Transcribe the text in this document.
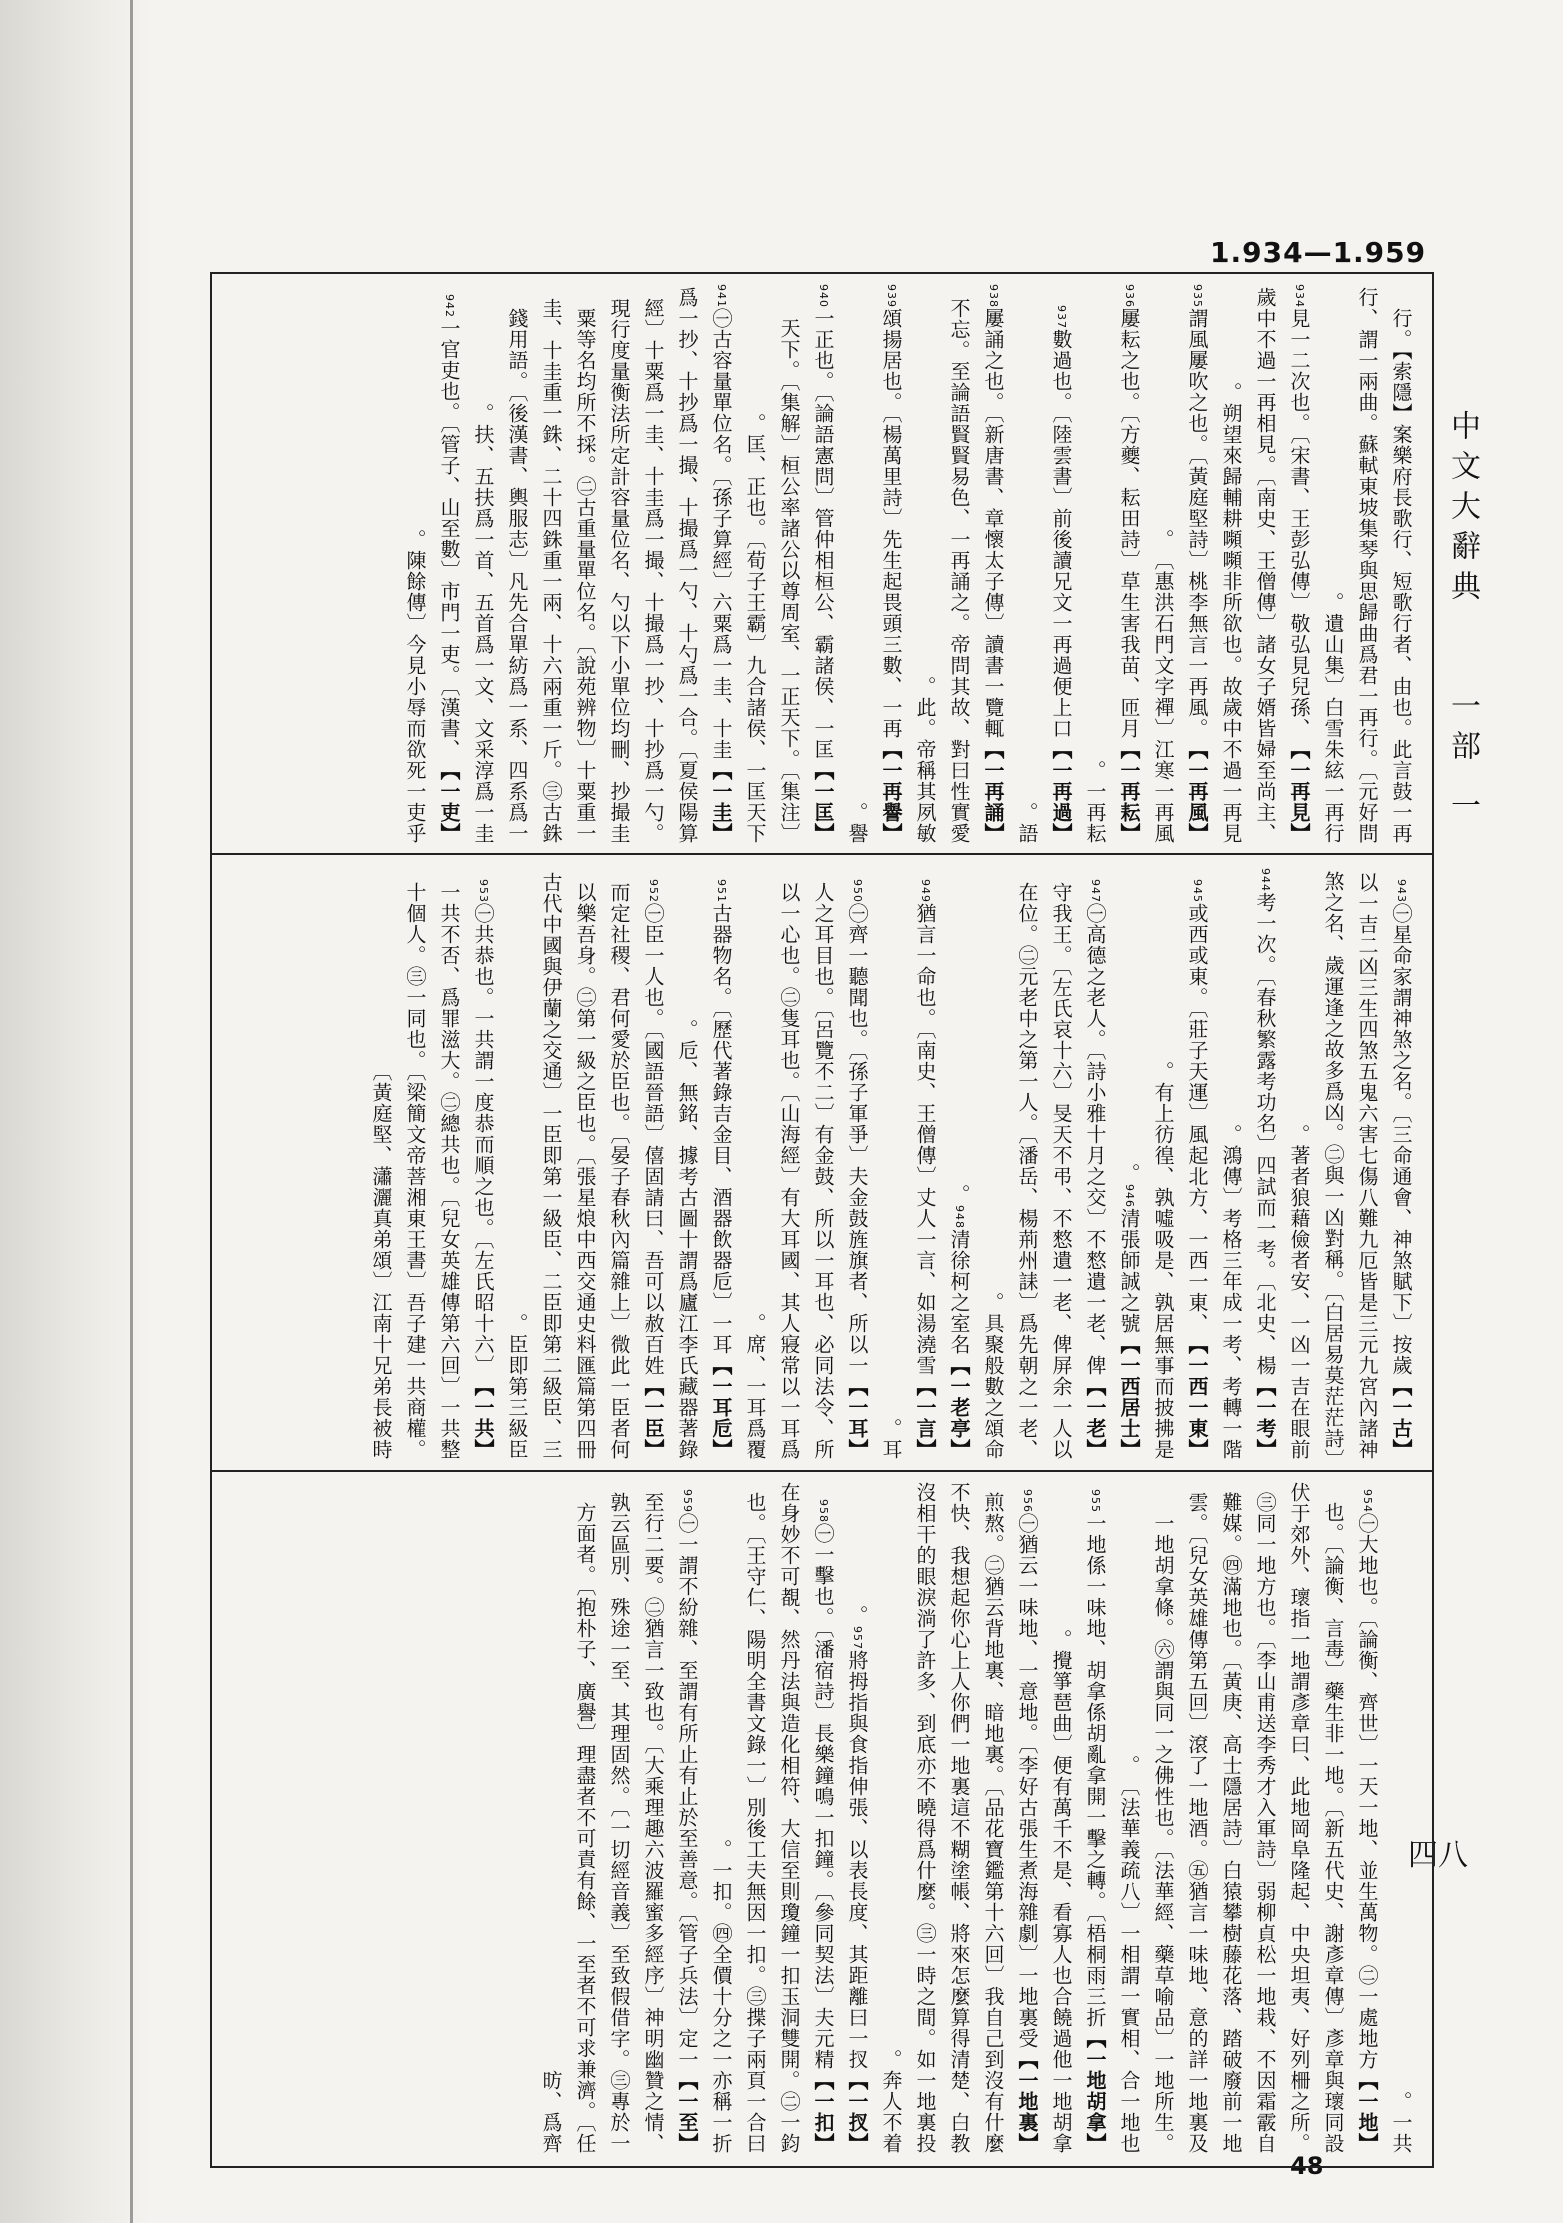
1.934—1.959
中文大辭典
一部 一
四八
48
行。【索隱】案樂府長歌行、短歌行者、由也。此言鼓一再行、謂一兩曲。蘇軾東坡集琴與思歸曲爲君一再行。〔元好問遺山集〕白雪朱絃一再行。
【一再見】934見一二次也。〔宋書、王彭弘傳〕敬弘見兒孫、歲中不過一再相見。〔南史、王僧傳〕諸女子婿皆婦至尚主、朔望來歸輔耕嚬嚬非所欲也。故歲中不過一再見。
【一再風】935謂風屢吹之也。〔黃庭堅詩〕桃李無言一再風。〔惠洪石門文字禪〕江寒一再風。
【一再耘】936屢耘之也。〔方夔、耘田詩〕草生害我苗、匝月一再耘。
【一再過】937數過也。〔陸雲書〕前後讀兄文一再過便上口語。
【一再誦】938屢誦之也。〔新唐書、章懷太子傳〕讀書一覽輒不忘。至論語賢賢易色、一再誦之。帝問其故、對曰性實愛此。帝稱其夙敏。
【一再譽】939頌揚居也。〔楊萬里詩〕先生起畏頭三數、一再譽。
【一匡】940一正也。〔論語憲問〕管仲相桓公、霸諸侯、一匡天下。〔集解〕桓公率諸公以尊周室、一正天下。〔集注〕匡、正也。〔荀子王霸〕九合諸侯、一匡天下。
【一圭】941㊀古容量單位名。〔孫子算經〕六粟爲一圭、十圭爲一抄、十抄爲一撮、十撮爲一勺、十勺爲一合。〔夏侯陽算經〕十粟爲一圭、十圭爲一撮、十撮爲一抄、十抄爲一勺。現行度量衡法所定計容量位名、勺以下小單位均刪、抄撮圭粟等名均所不採。㊁古重量單位名。〔說苑辨物〕十粟重一圭、十圭重一銖、二十四銖重一兩、十六兩重一斤。㊂古銖錢用語。〔後漢書、輿服志〕凡先合單紡爲一系、四系爲一扶、五扶爲一首、五首爲一文、文采淳爲一圭。
【一吏】942一官吏也。〔管子、山至數〕市門一吏。〔漢書、陳餘傳〕今見小辱而欲死一吏乎。
【一古】943㊀星命家謂神煞之名。〔三命通會、神煞賦下〕按歲以一吉二凶三生四煞五鬼六害七傷八難九厄皆是三元九宮內諸神煞之名、歲運逢之故多爲凶。㊁與一凶對稱。〔白居易莫茫茫詩〕著者狼藉儉者安、一凶一吉在眼前。
【一考】944考一次。〔春秋繁露考功名〕四試而一考。〔北史、楊鴻傳〕考格三年成一考、考轉一階。
【一西一東】945或西或東。〔莊子天運〕風起北方、一西一東、有上彷徨、孰噓吸是、孰居無事而披拂是。
【一西居士】946清張師誠之號。
【一老】947㊀高德之老人。〔詩小雅十月之交〕不憗遺一老、俾守我王。〔左氏哀十六〕旻天不弔、不憗遺一老、俾屏余一人以在位。㊁元老中之第一人。〔潘岳、楊荊州誄〕爲先朝之一老、具聚般數之頌命。
【一老亭】948清徐柯之室名。
【一言】949猶言一命也。〔南史、王僧傳〕丈人一言、如湯澆雪耳。
【一耳】950㊀齊一聽聞也。〔孫子軍爭〕夫金鼓旌旗者、所以一人之耳目也。〔呂覽不二〕有金鼓、所以一耳也、必同法令、所以一心也。㊁隻耳也。〔山海經〕有大耳國、其人寢常以一耳爲席、一耳爲覆。
【一耳卮】951古器物名。〔歷代著錄吉金目、酒器飲器卮〕一耳卮、無銘、據考古圖十謂爲廬江李氏藏器著錄。
【一臣】952㊀臣一人也。〔國語晉語〕僖固請曰、吾可以赦百姓而定社稷、君何愛於臣也。〔晏子春秋內篇雜上〕微此一臣者何以樂吾身。㊁第一級之臣也。〔張星烺中西交通史料匯篇第四冊古代中國與伊蘭之交通〕一臣即第一級臣、二臣即第二級臣、三臣即第三級臣。
【一共】953㊀共恭也。一共謂一度恭而順之也。〔左氏昭十六〕一共不否、爲罪滋大。㊁總共也。〔兒女英雄傳第六回〕一共整十個人。㊂一同也。〔梁簡文帝菩湘東王書〕吾子建一共商權。〔黃庭堅、瀟灑真弟頌〕江南十兄弟長被時
一共。
【一地】954㊀大地也。〔論衡、齊世〕一天一地、並生萬物。㊁一處地方也。〔論衡、言毒〕藥生非一地。〔新五代史、謝彥章傳〕彥章與瓌同設伏于郊外、瓌指一地謂彥章曰、此地岡阜隆起、中央坦夷、好列柵之所。㊂同一地方也。〔李山甫送李秀才入軍詩〕弱柳貞松一地栽、不因霜霰自難媒。㊃滿地也。〔黃庚、高士隱居詩〕白猿攀樹藤花落、踏破廢前一地雲。〔兒女英雄傳第五回〕滾了一地酒。㊄猶言一味地、意的詳一地裏及一地胡拿條。㊅謂與同一之佛性也。〔法華經、藥草喻品〕一地所生。〔法華義疏八〕一相謂一實相、合一地也。
【一地胡拿】955一地係一味地、胡拿係胡亂拿開一擊之轉。〔梧桐雨三折攪箏琶曲〕便有萬千不是、看寡人也合饒過他一地胡拿。
【一地裏】956㊀猶云一味地、一意地。〔李好古張生煮海雜劇〕一地裏受煎熬。㊁猶云背地裏、暗地裏。〔品花寶鑑第十六回〕我自己到沒有什麼不快、我想起你心上人你們一地裏這不糊塗帳、將來怎麼算得清楚、白教沒相干的眼淚淌了許多、到底亦不曉得爲什麼。㊂一時之間。如一地裏投奔人不着。
【一扠】957將拇指與食指伸張、以表長度、其距離曰一扠。
【一扣】958㊀一擊也。〔潘宿詩〕長樂鐘鳴一扣鐘。〔參同契法〕夫元精在身妙不可覩、然丹法與造化相符、大信至則瓊鐘一扣玉洞雙開。㊁一鈞也。〔王守仁、陽明全書文錄一〕別後工夫無因一扣。㊂揲子兩頁一合曰一扣。㊃全價十分之一亦稱一折。
【一至】959㊀一謂不紛雜、至謂有所止有止於至善意。〔管子兵法〕定一至行二要。㊁猶言一致也。〔大乘理趣六波羅蜜多經序〕神明幽贊之情、孰云區別、殊途一至、其理固然。〔一切經音義〕至致假借字。㊂專於一方面者。〔抱朴子、廣譽〕理盡者不可責有餘、一至者不可求兼濟。〔任昉、爲齊
